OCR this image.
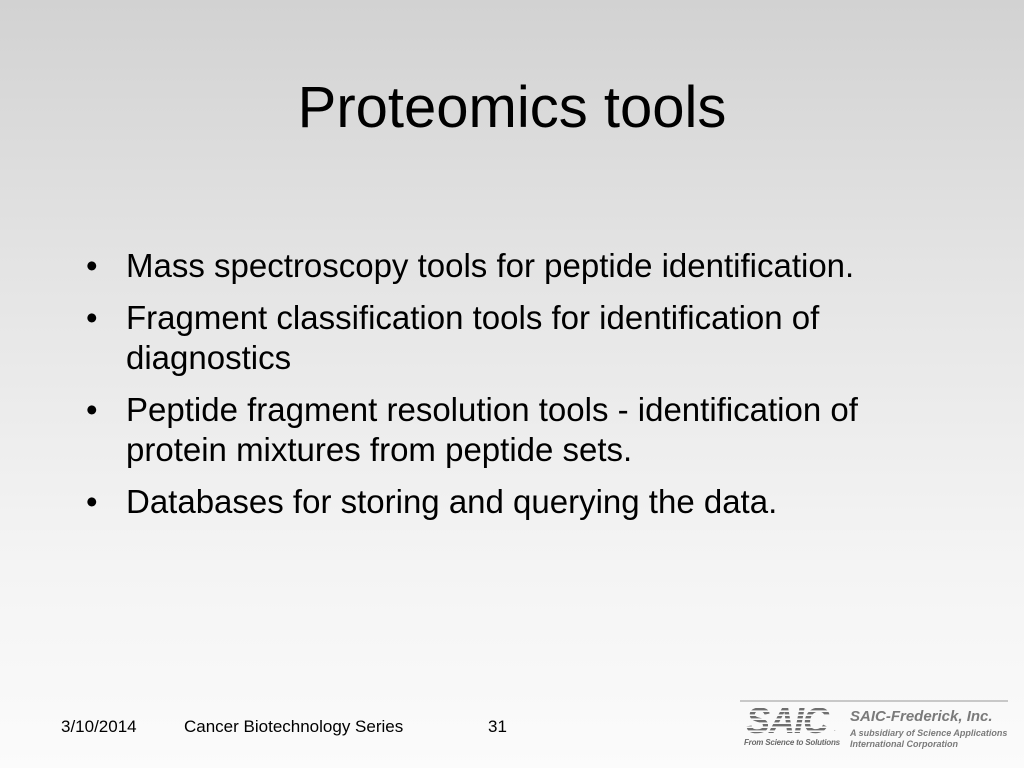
Proteomics tools
• Mass spectroscopy tools for peptide identification.
• Fragment classification tools for identification of diagnostics
• Peptide fragment resolution tools - identification of protein mixtures from peptide sets.
• Databases for storing and querying the data.
3/10/2014	Cancer Biotechnology Series	31	SAIC .
From Science to Solutions
SAIC-Frederick, Inc.
A subsidiary of Science Applications
International Corporation
